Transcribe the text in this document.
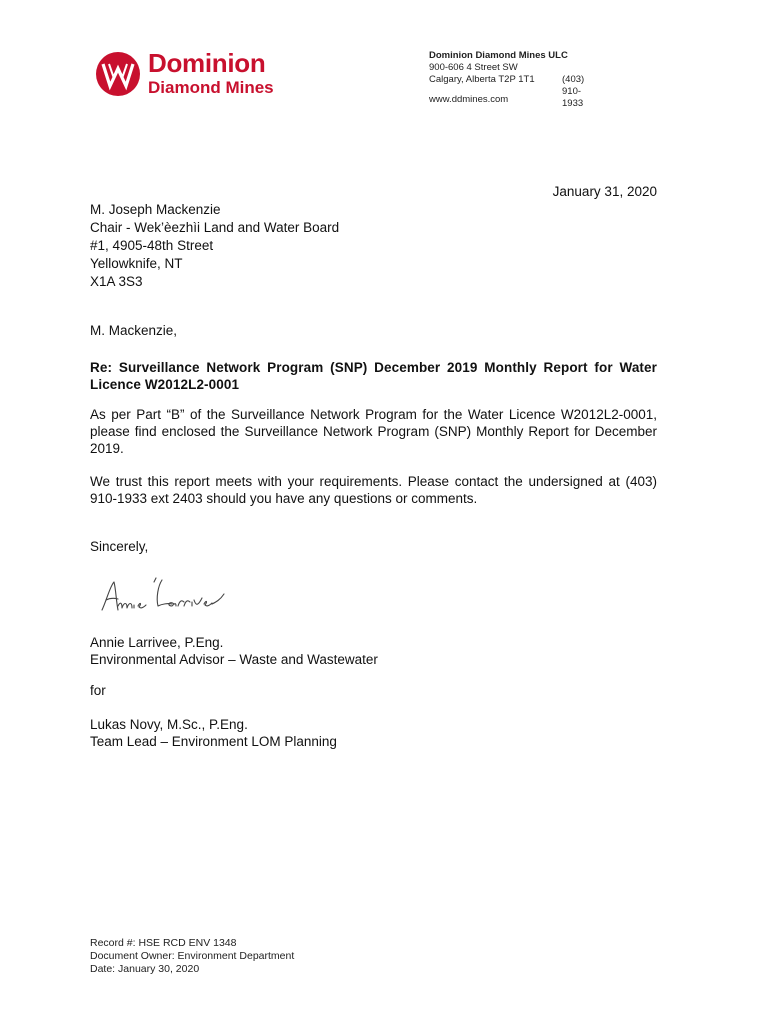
Dominion
Diamond Mines
Dominion Diamond Mines ULC
900-606 4 Street SW
Calgary, Alberta T2P 1T1	(403) 910-1933
www.ddmines.com
January 31, 2020
M. Joseph Mackenzie
Chair - Wek’èezhìi Land and Water Board
#1, 4905-48th Street
Yellowknife, NT
X1A 3S3
M. Mackenzie,
Re: Surveillance Network Program (SNP) December 2019 Monthly Report for Water Licence W2012L2-0001
As per Part “B” of the Surveillance Network Program for the Water Licence W2012L2-0001, please find enclosed the Surveillance Network Program (SNP) Monthly Report for December 2019.
We trust this report meets with your requirements. Please contact the undersigned at (403) 910-1933 ext 2403 should you have any questions or comments.
Sincerely,
Annie Larrivee, P.Eng.
Environmental Advisor – Waste and Wastewater
for
Lukas Novy, M.Sc., P.Eng.
Team Lead – Environment LOM Planning
Record #: HSE RCD ENV 1348
Document Owner: Environment Department
Date: January 30, 2020
